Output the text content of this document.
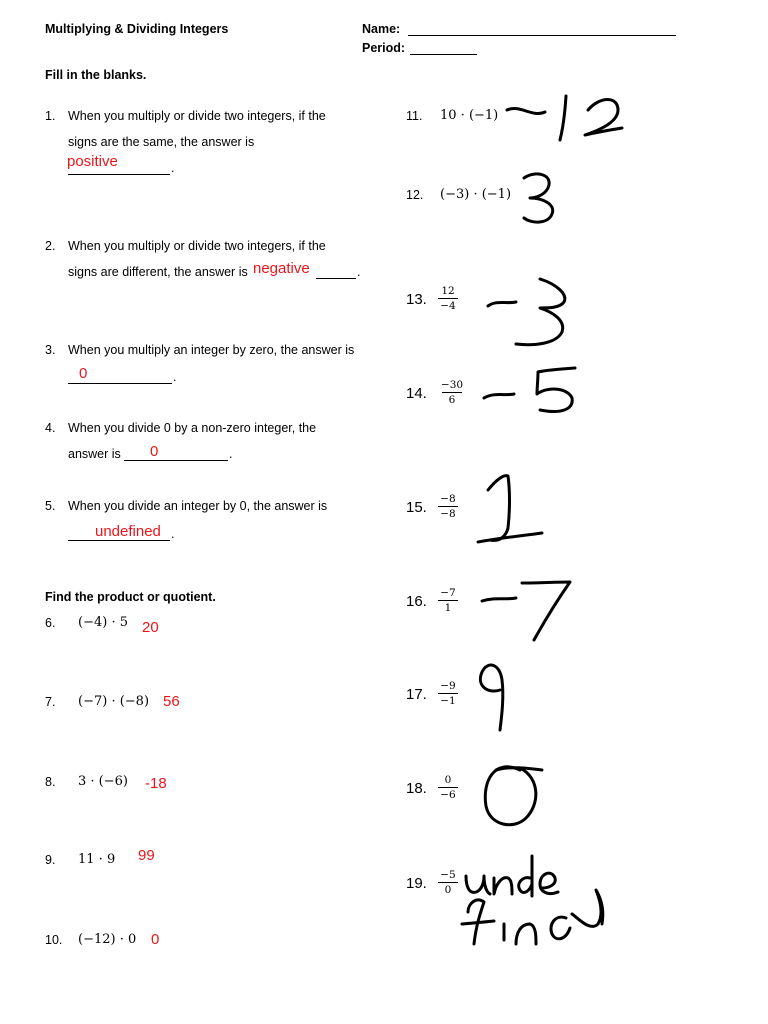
Multiplying & Dividing Integers	Name:
Period:
Fill in the blanks.
1. When you multiply or divide two integers, if the
signs are the same, the answer is
.
positive
2. When you multiply or divide two integers, if the
signs are different, the answer is negative	.
3. When you multiply an integer by zero, the answer is
.
0
4. When you divide 0 by a non-zero integer, the
answer is	.
0
5. When you divide an integer by 0, the answer is
.
undefined
Find the product or quotient.
6. (−4) · 5 20
7. (−7) · (−8) 56
8. 3 · (−6) -18
9. 11 · 9 99
10. (−12) · 0 0
11. 10 · (−1)
12. (−3) · (−1)
13.	12
−4
14. −30
6
15.	−8
−8
16.	−7
1
17.	−9
−1
18.	0
−6
19.	−5
0
